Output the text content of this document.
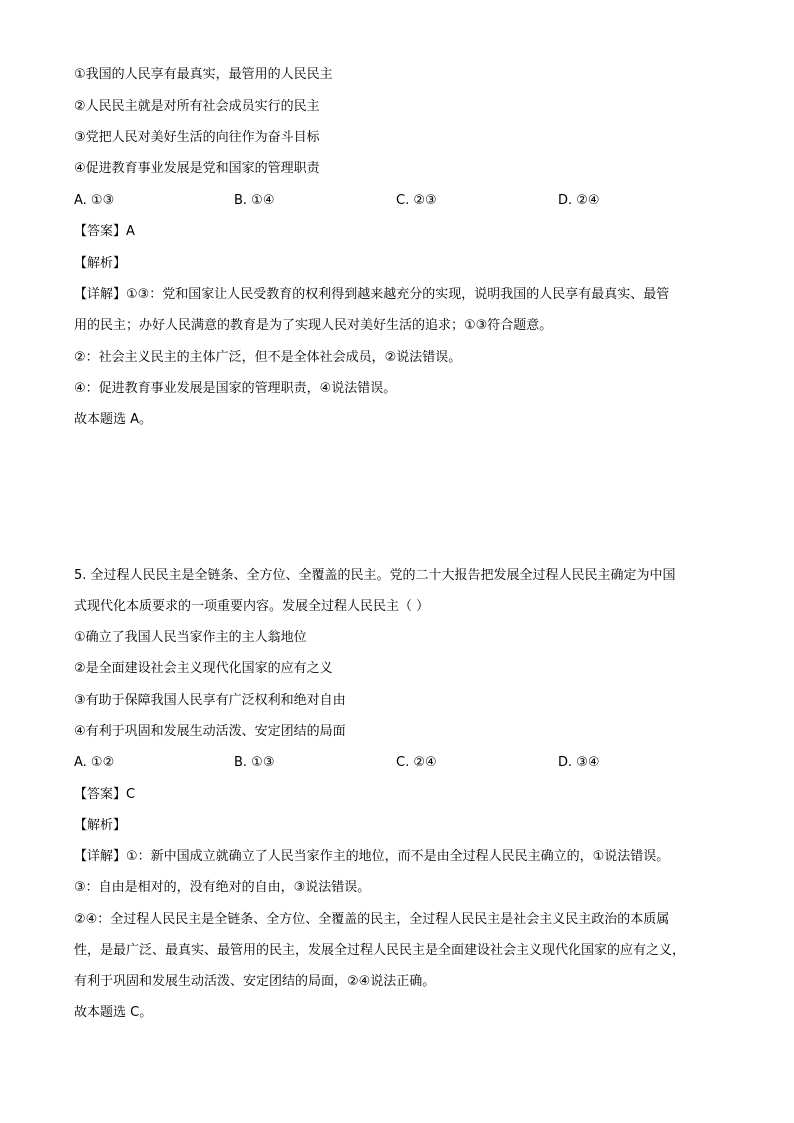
①我国的人民享有最真实，最管用的人民民主
②人民民主就是对所有社会成员实行的民主
③党把人民对美好生活的向往作为奋斗目标
④促进教育事业发展是党和国家的管理职责
A. ①③	B. ①④	C. ②③	D. ②④
【答案】A
【解析】
【详解】①③：党和国家让人民受教育的权利得到越来越充分的实现，说明我国的人民享有最真实、最管
用的民主；办好人民满意的教育是为了实现人民对美好生活的追求；①③符合题意。
②：社会主义民主的主体广泛，但不是全体社会成员，②说法错误。
④：促进教育事业发展是国家的管理职责，④说法错误。
故本题选 A。
5. 全过程人民民主是全链条、全方位、全覆盖的民主。党的二十大报告把发展全过程人民民主确定为中国
式现代化本质要求的一项重要内容。发展全过程人民民主（ ）
①确立了我国人民当家作主的主人翁地位
②是全面建设社会主义现代化国家的应有之义
③有助于保障我国人民享有广泛权利和绝对自由
④有利于巩固和发展生动活泼、安定团结的局面
A. ①②	B. ①③	C. ②④	D. ③④
【答案】C
【解析】
【详解】①：新中国成立就确立了人民当家作主的地位，而不是由全过程人民民主确立的，①说法错误。
③：自由是相对的，没有绝对的自由，③说法错误。
②④：全过程人民民主是全链条、全方位、全覆盖的民主，全过程人民民主是社会主义民主政治的本质属
性，是最广泛、最真实、最管用的民主，发展全过程人民民主是全面建设社会主义现代化国家的应有之义，
有利于巩固和发展生动活泼、安定团结的局面，②④说法正确。
故本题选 C。
